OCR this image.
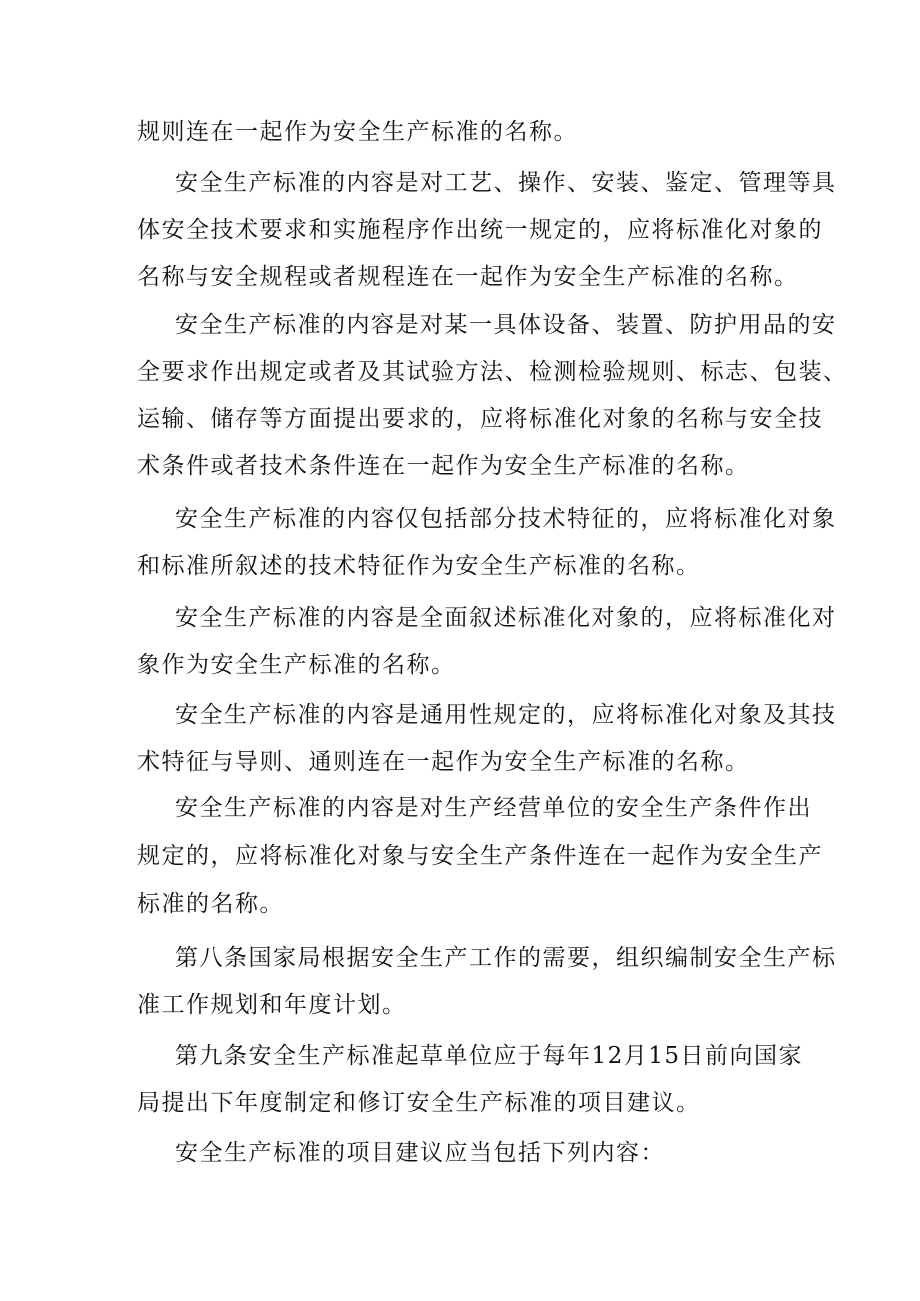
规则连在一起作为安全生产标准的名称。
安全生产标准的内容是对工艺、操作、安装、鉴定、管理等具
体安全技术要求和实施程序作出统一规定的，应将标准化对象的
名称与安全规程或者规程连在一起作为安全生产标准的名称。
安全生产标准的内容是对某一具体设备、装置、防护用品的安
全要求作出规定或者及其试验方法、检测检验规则、标志、包装、
运输、储存等方面提出要求的，应将标准化对象的名称与安全技
术条件或者技术条件连在一起作为安全生产标准的名称。
安全生产标准的内容仅包括部分技术特征的，应将标准化对象
和标准所叙述的技术特征作为安全生产标准的名称。
安全生产标准的内容是全面叙述标准化对象的，应将标准化对
象作为安全生产标准的名称。
安全生产标准的内容是通用性规定的，应将标准化对象及其技
术特征与导则、通则连在一起作为安全生产标准的名称。
安全生产标准的内容是对生产经营单位的安全生产条件作出
规定的，应将标准化对象与安全生产条件连在一起作为安全生产
标准的名称。
第八条国家局根据安全生产工作的需要，组织编制安全生产标
准工作规划和年度计划。
第九条安全生产标准起草单位应于每年12月15日前向国家
局提出下年度制定和修订安全生产标准的项目建议。
安全生产标准的项目建议应当包括下列内容：
